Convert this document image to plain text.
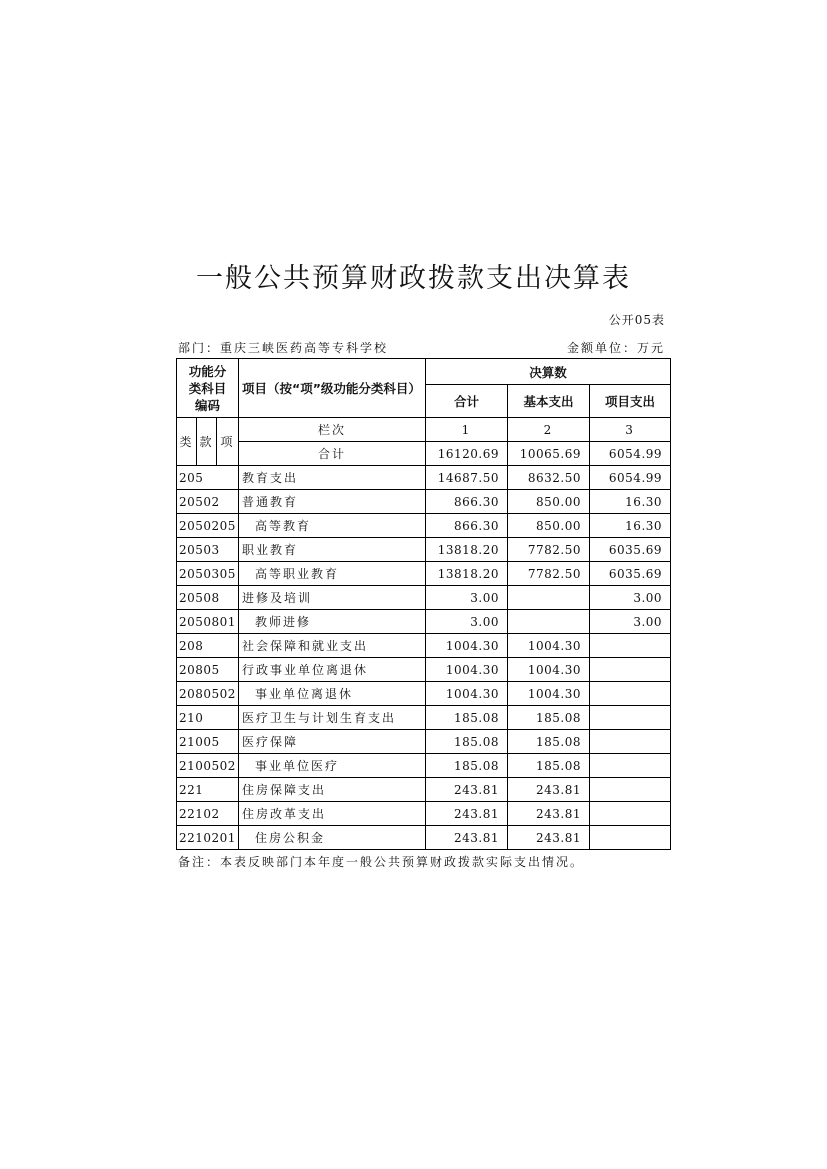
一般公共预算财政拨款支出决算表
公开05表
部门：重庆三峡医药高等专科学校	金额单位：万元
功能分类科目编码			项目（按“项”级功能分类科目）	决算数		
				合计	基本支出	项目支出
类	款	项	栏次	1	2	3
			合计	16120.69	10065.69	6054.99
205			教育支出	14687.50	8632.50	6054.99
20502			普通教育	866.30	850.00	16.30
2050205			高等教育	866.30	850.00	16.30
20503			职业教育	13818.20	7782.50	6035.69
2050305			高等职业教育	13818.20	7782.50	6035.69
20508			进修及培训	3.00		3.00
2050801			教师进修	3.00		3.00
208			社会保障和就业支出	1004.30	1004.30	
20805			行政事业单位离退休	1004.30	1004.30	
2080502			事业单位离退休	1004.30	1004.30	
210			医疗卫生与计划生育支出	185.08	185.08	
21005			医疗保障	185.08	185.08	
2100502			事业单位医疗	185.08	185.08	
221			住房保障支出	243.81	243.81	
22102			住房改革支出	243.81	243.81	
2210201			住房公积金	243.81	243.81	
备注：本表反映部门本年度一般公共预算财政拨款实际支出情况。
